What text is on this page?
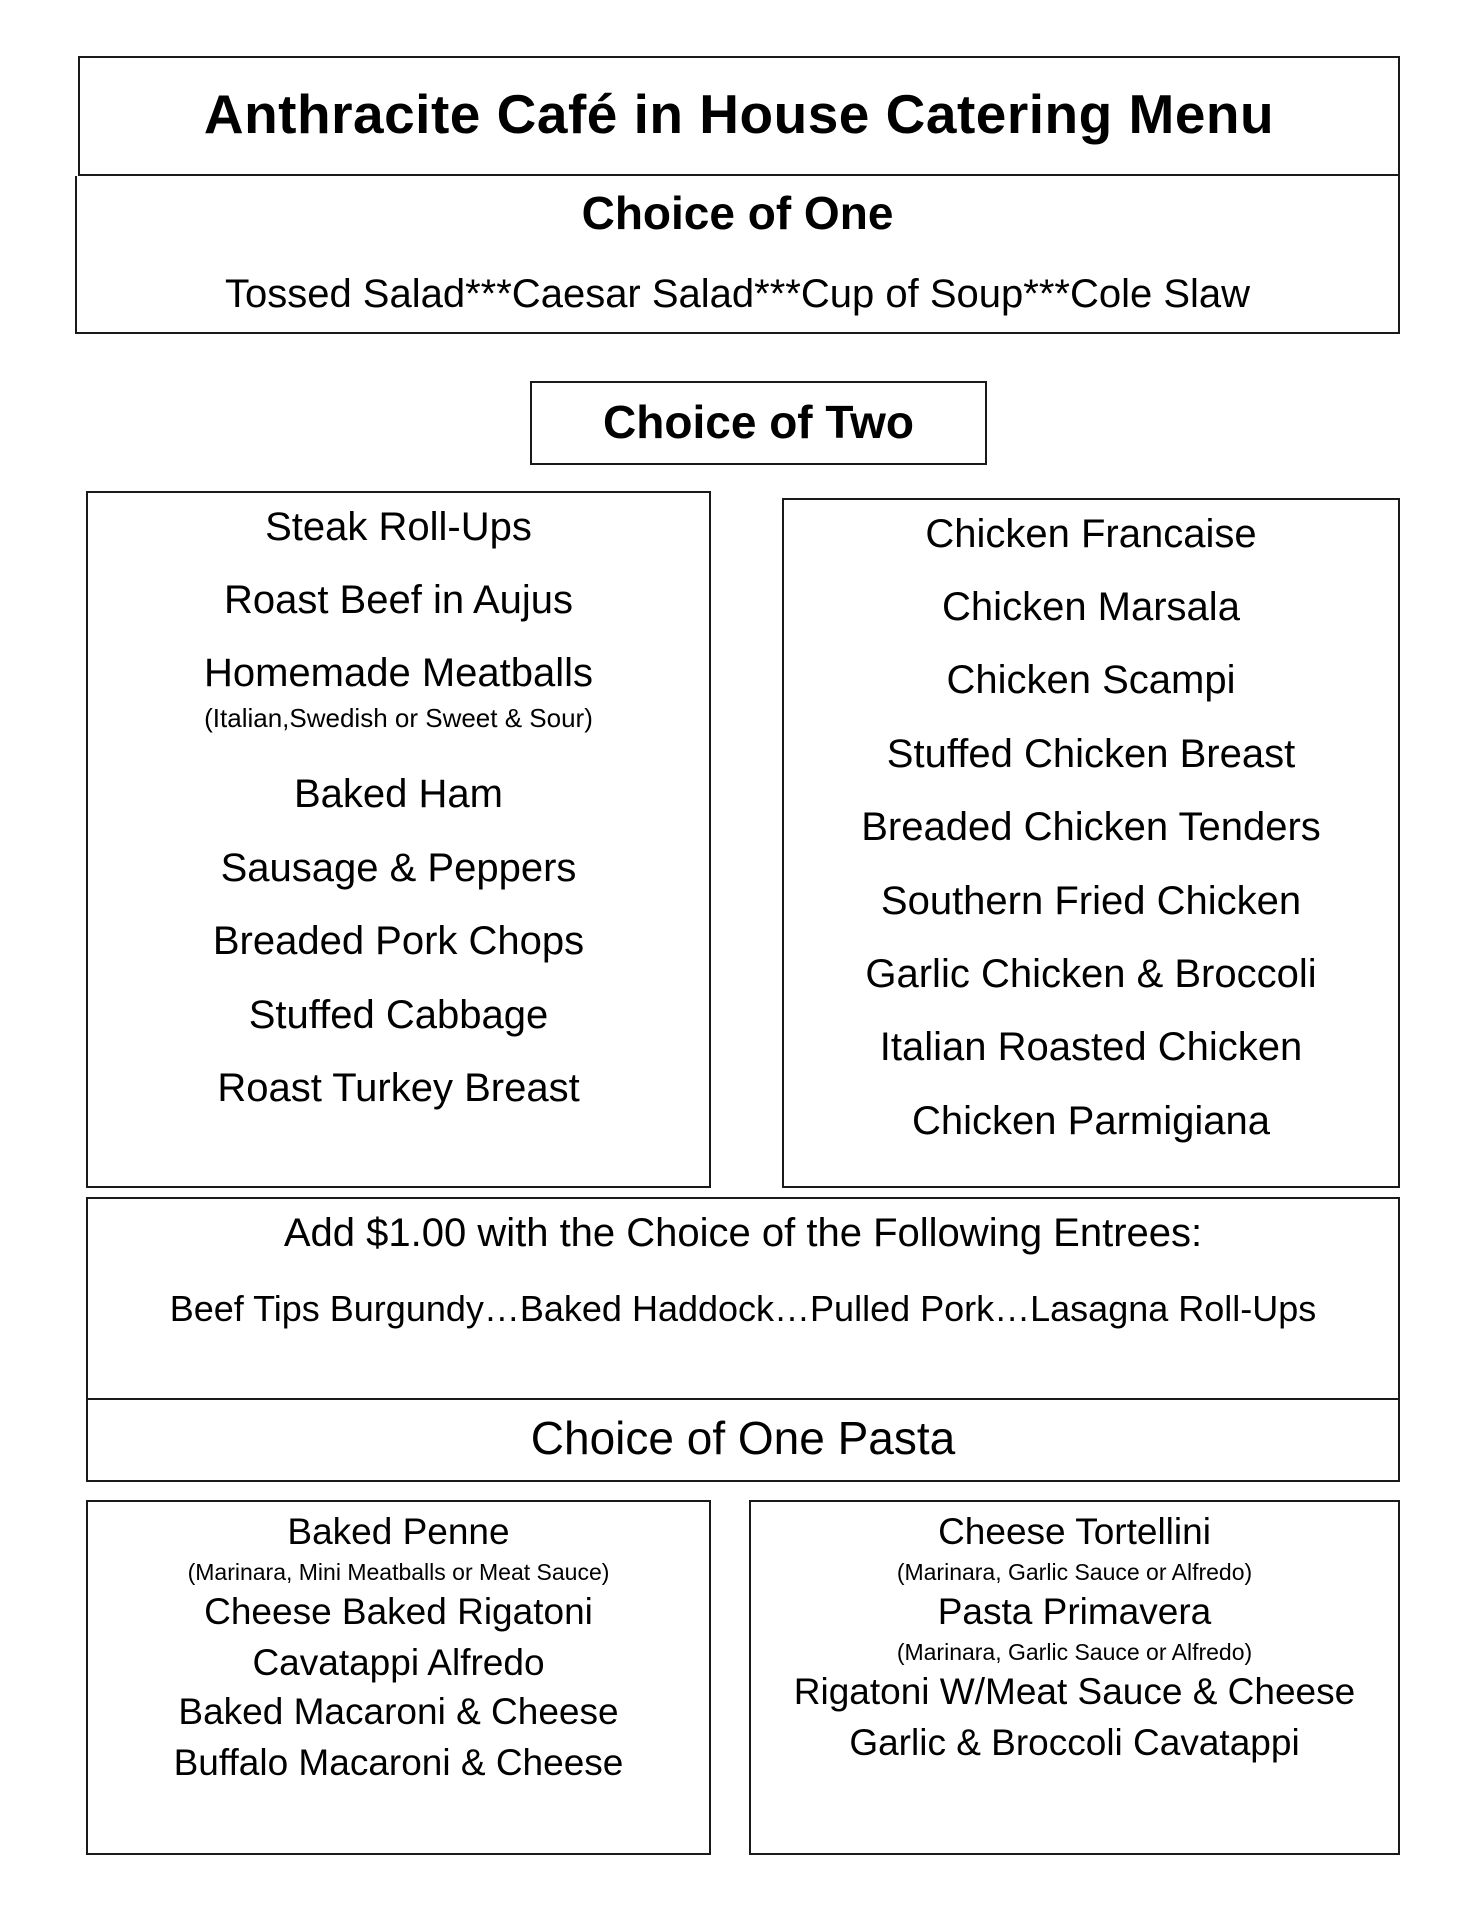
Anthracite Café in House Catering Menu
Choice of One
Tossed Salad***Caesar Salad***Cup of Soup***Cole Slaw
Choice of Two
Steak Roll-Ups
Roast Beef in Aujus
Homemade Meatballs
(Italian,Swedish or Sweet & Sour)
Baked Ham
Sausage & Peppers
Breaded Pork Chops
Stuffed Cabbage
Roast Turkey Breast
Chicken Francaise
Chicken Marsala
Chicken Scampi
Stuffed Chicken Breast
Breaded Chicken Tenders
Southern Fried Chicken
Garlic Chicken & Broccoli
Italian Roasted Chicken
Chicken Parmigiana
Add $1.00 with the Choice of the Following Entrees:
Beef Tips Burgundy…Baked Haddock…Pulled Pork…Lasagna Roll-Ups
Choice of One Pasta
Baked Penne
(Marinara, Mini Meatballs or Meat Sauce)
Cheese Baked Rigatoni
Cavatappi Alfredo
Baked Macaroni & Cheese
Buffalo Macaroni & Cheese
Cheese Tortellini
(Marinara, Garlic Sauce or Alfredo)
Pasta Primavera
(Marinara, Garlic Sauce or Alfredo)
Rigatoni W/Meat Sauce & Cheese
Garlic & Broccoli Cavatappi
